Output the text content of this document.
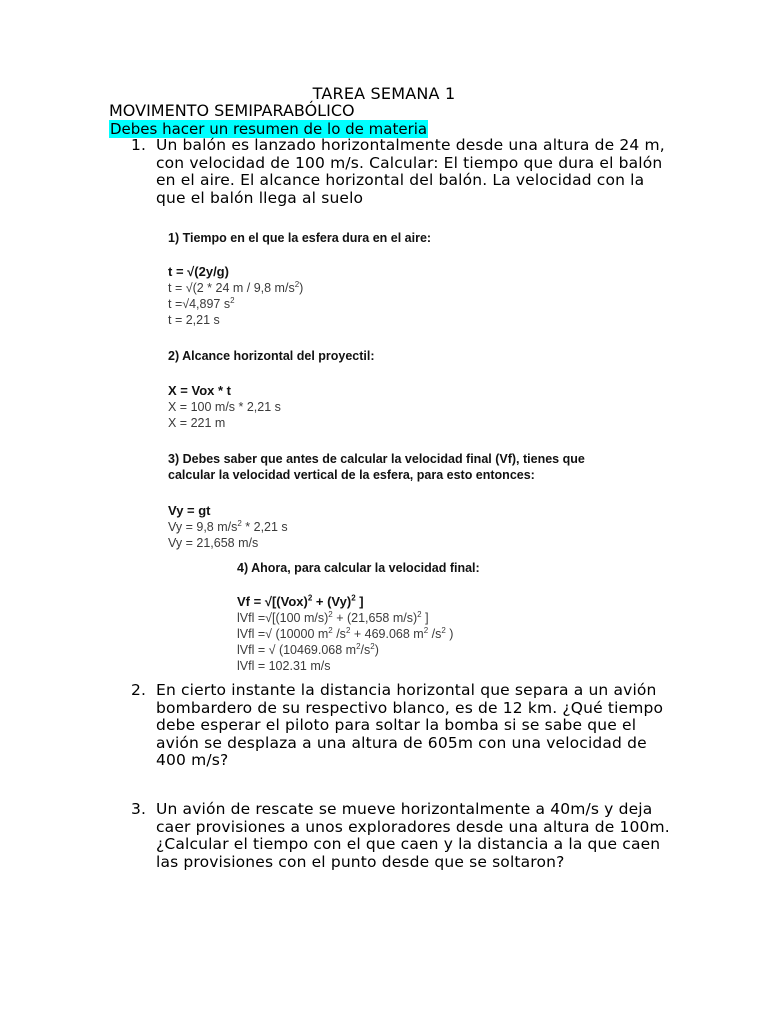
TAREA SEMANA 1
MOVIMENTO SEMIPARABÓLICO
Debes hacer un resumen de lo de materia
1. Un balón es lanzado horizontalmente desde una altura de 24 m, con velocidad de 100 m/s. Calcular: El tiempo que dura el balón en el aire. El alcance horizontal del balón. La velocidad con la que el balón llega al suelo
1) Tiempo en el que la esfera dura en el aire:
t = √(2y/g)
t = √(2 * 24 m / 9,8 $m/s^2$)
t =√4,897 $s^2$
t = 2,21 s
2) Alcance horizontal del proyectil:
X = Vox * t
X = 100 m/s * 2,21 s
X = 221 m
3) Debes saber que antes de calcular la velocidad final (Vf), tienes que
calcular la velocidad vertical de la esfera, para esto entonces:
Vy = gt
Vy = 9,8 $m/s^2 * 2,21$ s
Vy = 21,658 m/s
4) Ahora, para calcular la velocidad final:
$Vf = √[(Vox)^2 + (Vy)^2$ ]
lVfl =√[(100 m/s)$^2$ + (21,658 m/s)$^2$ ]
lVfl =√ (10000 $m^2$ $/s^2 + 469.068$ $m^2$ $/s^2$ )
lVfl = √ (10469.068 $m^2/s^2$)
lVfl = 102.31 m/s
2. En cierto instante la distancia horizontal que separa a un avión bombardero de su respectivo blanco, es de 12 km. ¿Qué tiempo debe esperar el piloto para soltar la bomba si se sabe que el avión se desplaza a una altura de 605m con una velocidad de 400 m/s?
3. Un avión de rescate se mueve horizontalmente a 40m/s y deja caer provisiones a unos exploradores desde una altura de 100m. ¿Calcular el tiempo con el que caen y la distancia a la que caen las provisiones con el punto desde que se soltaron?
